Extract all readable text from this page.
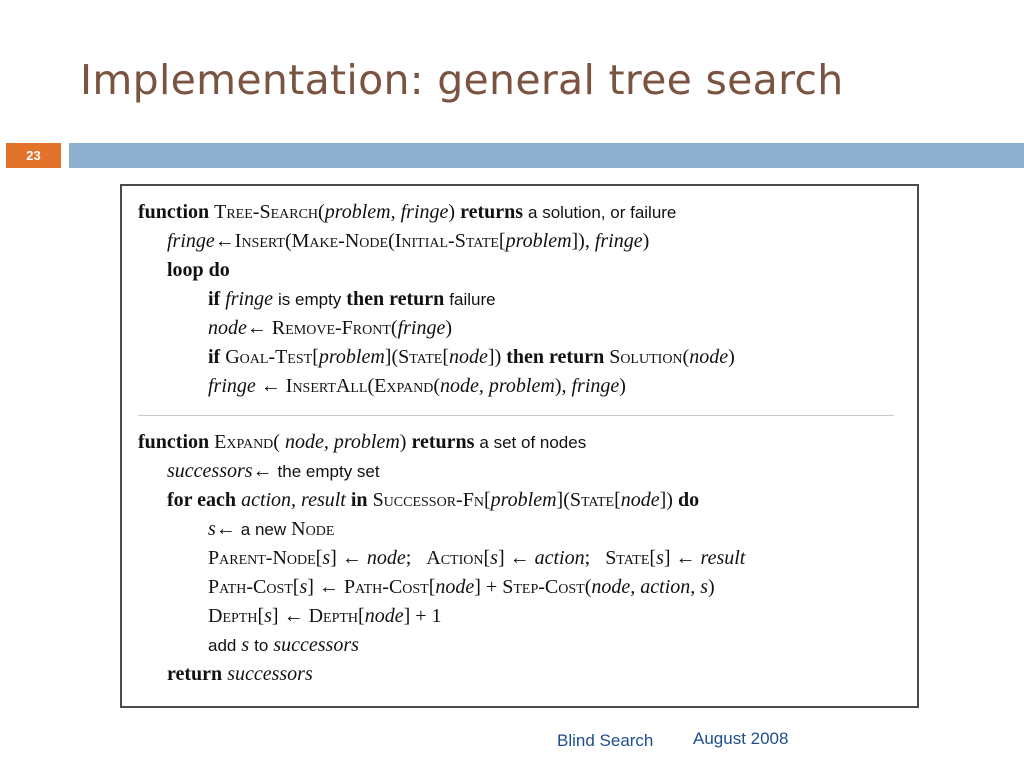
Implementation: general tree search
23
function Tree-Search(problem, fringe) returns a solution, or failure
fringe←Insert(Make-Node(Initial-State[problem]), fringe)
loop do
if fringe is empty then return failure
node← Remove-Front(fringe)
if Goal-Test[problem](State[node]) then return Solution(node)
fringe ← InsertAll(Expand(node, problem), fringe)
function Expand( node, problem) returns a set of nodes
successors← the empty set
for each action, result in Successor-Fn[problem](State[node]) do
s← a new Node
Parent-Node[s] ← node;   Action[s] ← action;   State[s] ← result
Path-Cost[s] ← Path-Cost[node] + Step-Cost(node, action, s)
Depth[s] ← Depth[node] + 1
add s to successors
return successors
Blind Search August 2008
